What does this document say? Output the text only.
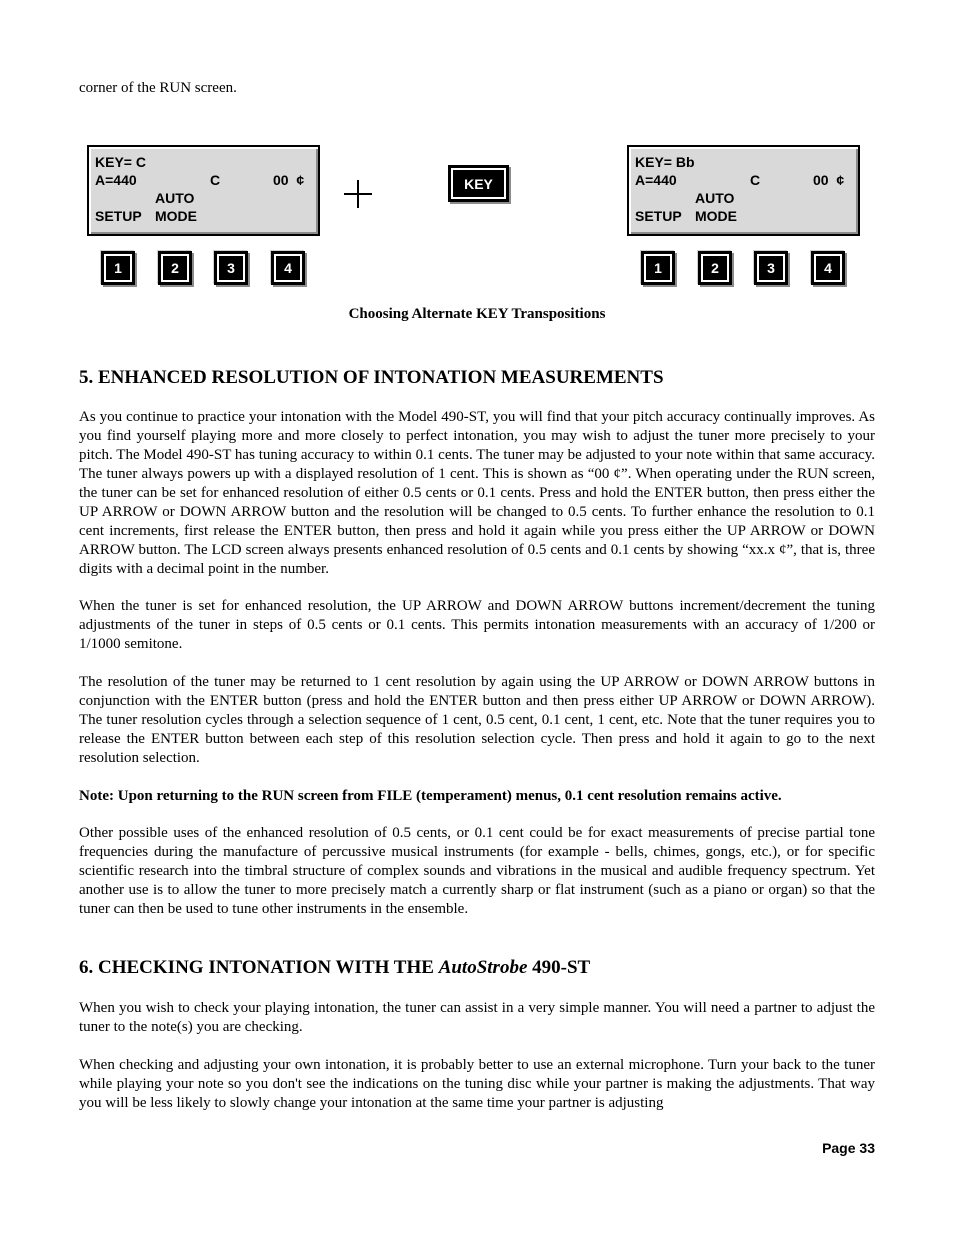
corner of the RUN screen.
KEY= C
A=440	C	00  ¢
AUTO
SETUP MODE
KEY= Bb
A=440	C	00  ¢
AUTO
SETUP MODE
KEY
1	2	3	4	1	2	3	4
Choosing Alternate KEY Transpositions
5. ENHANCED RESOLUTION OF INTONATION MEASUREMENTS
As you continue to practice your intonation with the Model 490-ST, you will find that your pitch accuracy continually improves. As you find yourself playing more and more closely to perfect intonation, you may wish to adjust the tuner more precisely to your pitch. The Model 490-ST has tuning accuracy to within 0.1 cents. The tuner may be adjusted to your note within that same accuracy. The tuner always powers up with a displayed resolution of 1 cent. This is shown as “00 ¢”. When operating under the RUN screen, the tuner can be set for enhanced resolution of either 0.5 cents or 0.1 cents. Press and hold the ENTER button, then press either the UP ARROW or DOWN ARROW button and the resolution will be changed to 0.5 cents. To further enhance the resolution to 0.1 cent increments, first release the ENTER button, then press and hold it again while you press either the UP ARROW or DOWN ARROW button. The LCD screen always presents enhanced resolution of 0.5 cents and 0.1 cents by showing “xx.x ¢”, that is, three digits with a decimal point in the number.
When the tuner is set for enhanced resolution, the UP ARROW and DOWN ARROW buttons increment/decrement the tuning adjustments of the tuner in steps of 0.5 cents or 0.1 cents. This permits intonation measurements with an accuracy of 1/200 or 1/1000 semitone.
The resolution of the tuner may be returned to 1 cent resolution by again using the UP ARROW or DOWN ARROW buttons in conjunction with the ENTER button (press and hold the ENTER button and then press either UP ARROW or DOWN ARROW). The tuner resolution cycles through a selection sequence of 1 cent, 0.5 cent, 0.1 cent, 1 cent, etc. Note that the tuner requires you to release the ENTER button between each step of this resolution selection cycle. Then press and hold it again to go to the next resolution selection.
Note: Upon returning to the RUN screen from FILE (temperament) menus, 0.1 cent resolution remains active.
Other possible uses of the enhanced resolution of 0.5 cents, or 0.1 cent could be for exact measurements of precise partial tone frequencies during the manufacture of percussive musical instruments (for example - bells, chimes, gongs, etc.), or for specific scientific research into the timbral structure of complex sounds and vibrations in the musical and audible frequency spectrum. Yet another use is to allow the tuner to more precisely match a currently sharp or flat instrument (such as a piano or organ) so that the tuner can then be used to tune other instruments in the ensemble.
6. CHECKING INTONATION WITH THE AutoStrobe 490-ST
When you wish to check your playing intonation, the tuner can assist in a very simple manner. You will need a partner to adjust the tuner to the note(s) you are checking.
When checking and adjusting your own intonation, it is probably better to use an external microphone. Turn your back to the tuner while playing your note so you don't see the indications on the tuning disc while your partner is making the adjustments. That way you will be less likely to slowly change your intonation at the same time your partner is adjusting
Page 33
